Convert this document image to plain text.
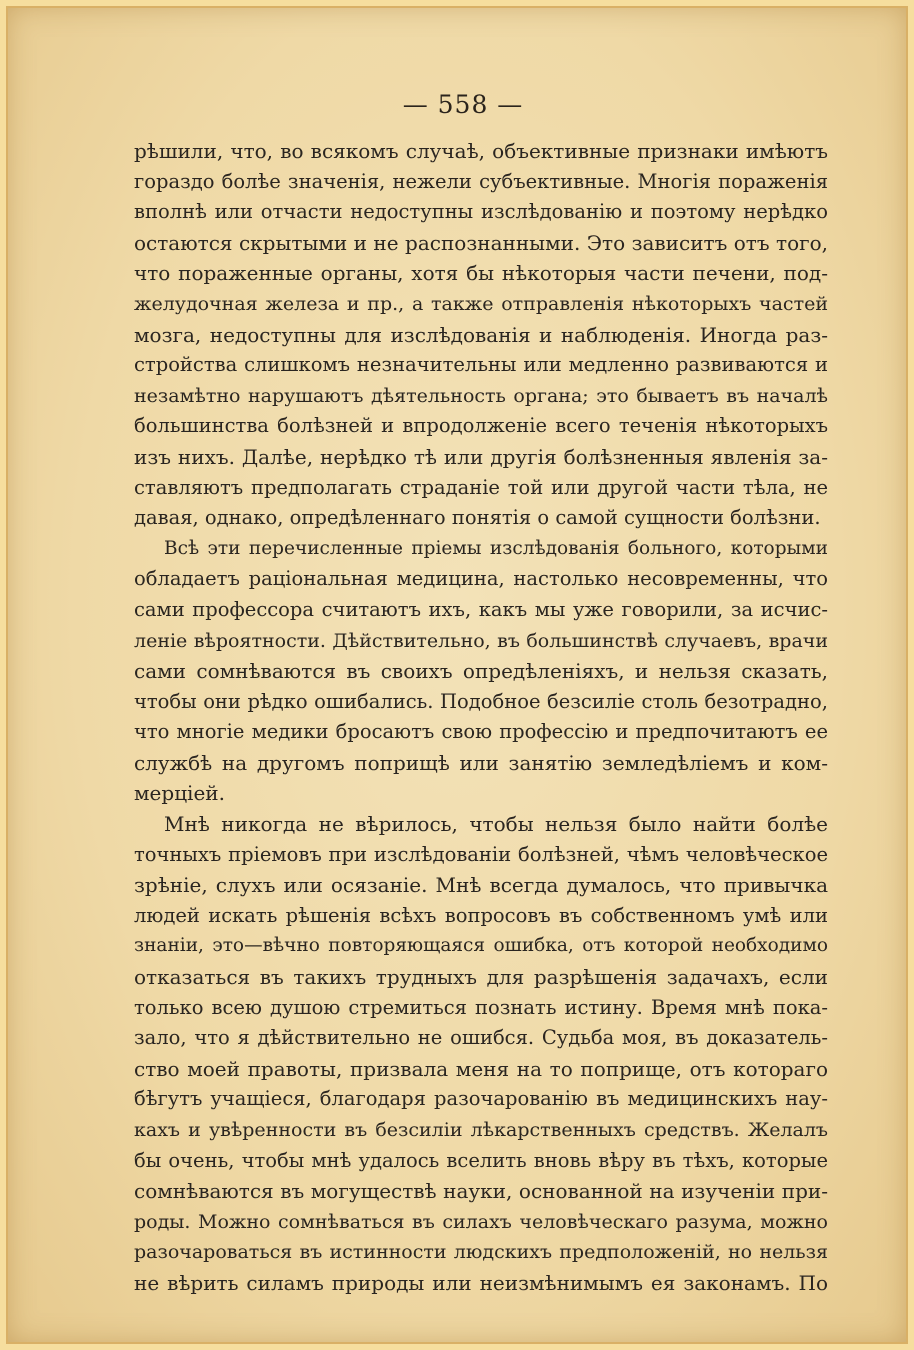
— 558 —
рѣшили, что, во всякомъ случаѣ, объективные признаки имѣютъ
гораздо болѣе значенія, нежели субъективные. Многія пораженія
вполнѣ или отчасти недоступны изслѣдованію и поэтому нерѣдко
остаются скрытыми и не распознанными. Это зависитъ отъ того,
что пораженные органы, хотя бы нѣкоторыя части печени, под-
желудочная железа и пр., а также отправленія нѣкоторыхъ частей
мозга, недоступны для изслѣдованія и наблюденія. Иногда раз-
стройства слишкомъ незначительны или медленно развиваются и
незамѣтно нарушаютъ дѣятельность органа; это бываетъ въ началѣ
большинства болѣзней и впродолженіе всего теченія нѣкоторыхъ
изъ нихъ. Далѣе, нерѣдко тѣ или другія болѣзненныя явленія за-
ставляютъ предполагать страданіе той или другой части тѣла, не
давая, однако, опредѣленнаго понятія о самой сущности болѣзни.
Всѣ эти перечисленные пріемы изслѣдованія больного, которыми
обладаетъ раціональная медицина, настолько несовременны, что
сами профессора считаютъ ихъ, какъ мы уже говорили, за исчис-
леніе вѣроятности. Дѣйствительно, въ большинствѣ случаевъ, врачи
сами сомнѣваются въ своихъ опредѣленіяхъ, и нельзя сказать,
чтобы они рѣдко ошибались. Подобное безсиліе столь безотрадно,
что многіе медики бросаютъ свою профессію и предпочитаютъ ее
службѣ на другомъ поприщѣ или занятію земледѣліемъ и ком-
мерціей.
Мнѣ никогда не вѣрилось, чтобы нельзя было найти болѣе
точныхъ пріемовъ при изслѣдованіи болѣзней, чѣмъ человѣческое
зрѣніе, слухъ или осязаніе. Мнѣ всегда думалось, что привычка
людей искать рѣшенія всѣхъ вопросовъ въ собственномъ умѣ или
знаніи, это—вѣчно повторяющаяся ошибка, отъ которой необходимо
отказаться въ такихъ трудныхъ для разрѣшенія задачахъ, если
только всею душою стремиться познать истину. Время мнѣ пока-
зало, что я дѣйствительно не ошибся. Судьба моя, въ доказатель-
ство моей правоты, призвала меня на то поприще, отъ котораго
бѣгутъ учащіеся, благодаря разочарованію въ медицинскихъ нау-
кахъ и увѣренности въ безсиліи лѣкарственныхъ средствъ. Желалъ
бы очень, чтобы мнѣ удалось вселить вновь вѣру въ тѣхъ, которые
сомнѣваются въ могуществѣ науки, основанной на изученіи при-
роды. Можно сомнѣваться въ силахъ человѣческаго разума, можно
разочароваться въ истинности людскихъ предположеній, но нельзя
не вѣрить силамъ природы или неизмѣнимымъ ея законамъ. По
